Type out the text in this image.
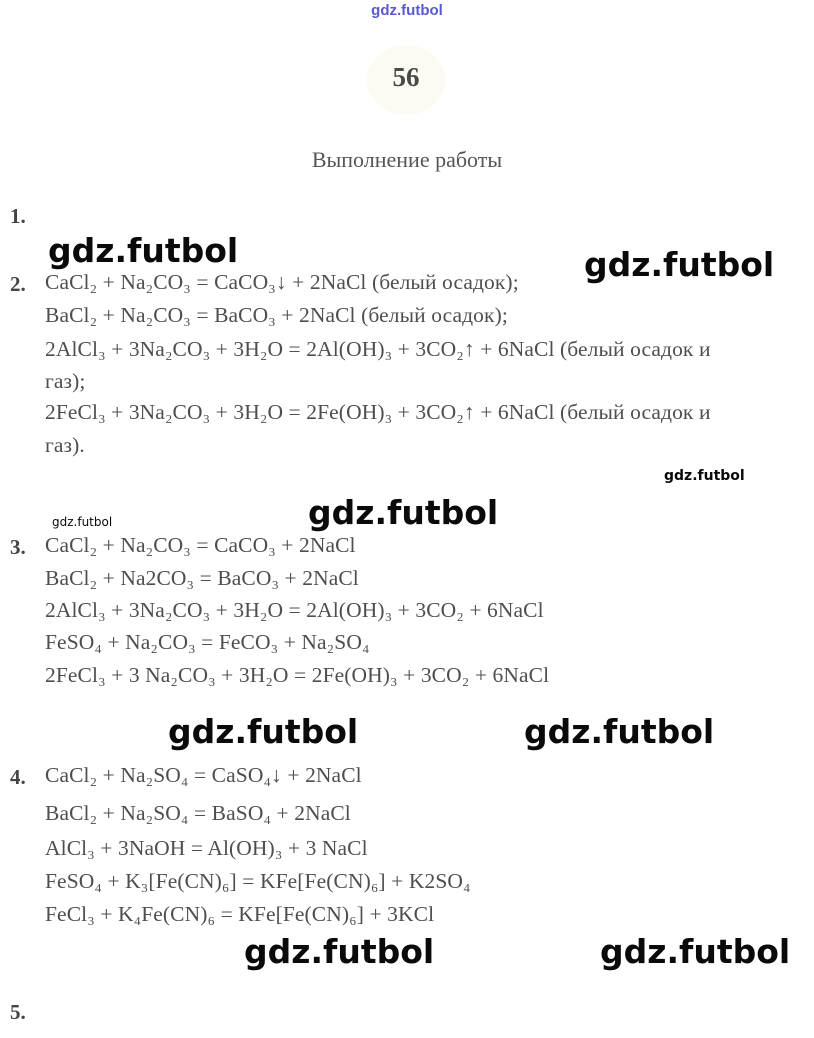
gdz.futbol
56
Выполнение работы
1.
2. CaCl₂ + Na₂CO₃ = CaCO₃↓ + 2NaCl (белый осадок);
BaCl₂ + Na₂CO₃ = BaCO₃ + 2NaCl (белый осадок);
2AlCl₃ + 3Na₂CO₃ + 3H₂O = 2Al(OH)₃ + 3CO₂↑ + 6NaCl (белый осадок и
газ);
2FeCl₃ + 3Na₂CO₃ + 3H₂O = 2Fe(OH)₃ + 3CO₂↑ + 6NaCl (белый осадок и
газ).
3. CaCl₂ + Na₂CO₃ = CaCO₃ + 2NaCl
BaCl₂ + Na2CO₃ = BaCO₃ + 2NaCl
2AlCl₃ + 3Na₂CO₃ + 3H₂O = 2Al(OH)₃ + 3CO₂ + 6NaCl
FeSO₄ + Na₂CO₃ = FeCO₃ + Na₂SO₄
2FeCl₃ + 3 Na₂CO₃ + 3H₂O = 2Fe(OH)₃ + 3CO₂ + 6NaCl
4. CaCl₂ + Na₂SO₄ = CaSO₄↓ + 2NaCl
BaCl₂ + Na₂SO₄ = BaSO₄ + 2NaCl
AlCl₃ + 3NaOH = Al(OH)₃ + 3 NaCl
FeSO₄ + K₃[Fe(CN)₆] = KFe[Fe(CN)₆] + K2SO₄
FeCl₃ + K₄Fe(CN)₆ = KFe[Fe(CN)₆] + 3KCl
5.
gdz.futbol	gdz.futbol
gdz.futbol
gdz.futbol
gdz.futbol
gdz.futbol	gdz.futbol
gdz.futbol	gdz.futbol
